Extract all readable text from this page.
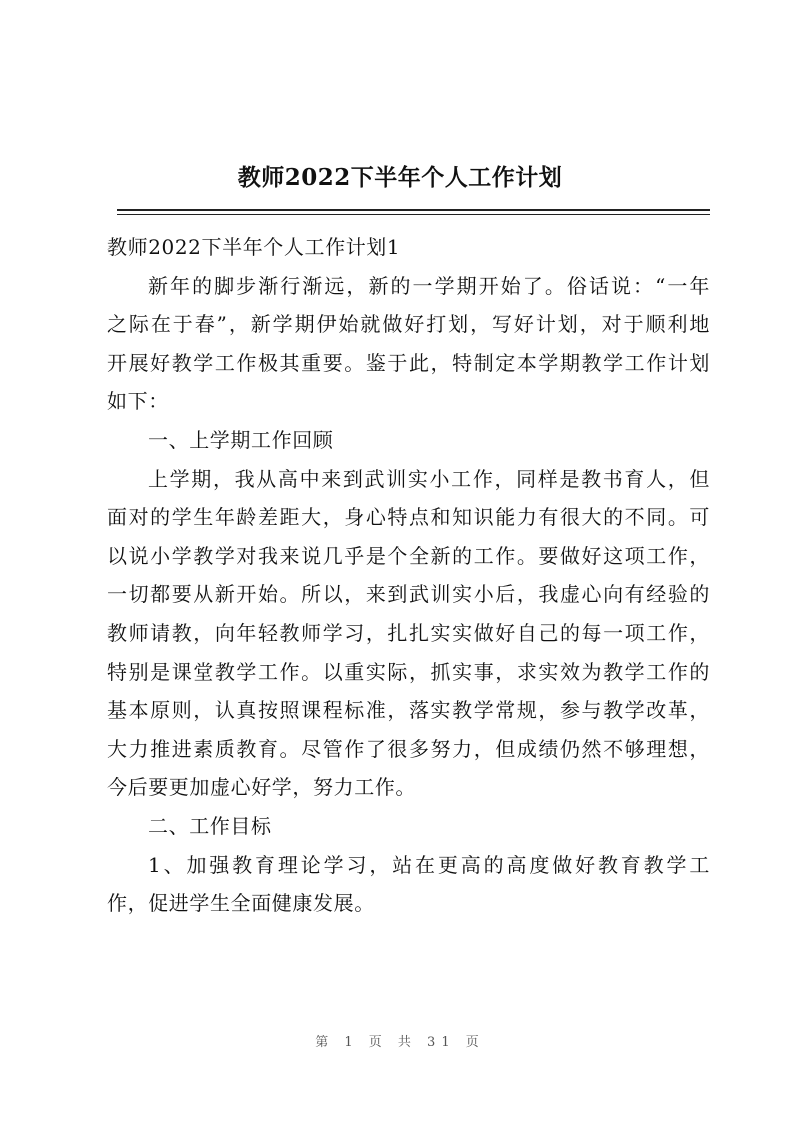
教师2022下半年个人工作计划

教师2022下半年个人工作计划1

新年的脚步渐行渐远，新的一学期开始了。俗话说：“一年

之际在于春”，新学期伊始就做好打划，写好计划，对于顺利地

开展好教学工作极其重要。鉴于此，特制定本学期教学工作计划

如下：

一、上学期工作回顾

上学期，我从高中来到武训实小工作，同样是教书育人，但

面对的学生年龄差距大，身心特点和知识能力有很大的不同。可

以说小学教学对我来说几乎是个全新的工作。要做好这项工作，

一切都要从新开始。所以，来到武训实小后，我虚心向有经验的

教师请教，向年轻教师学习，扎扎实实做好自己的每一项工作，

特别是课堂教学工作。以重实际，抓实事，求实效为教学工作的

基本原则，认真按照课程标准，落实教学常规，参与教学改革，

大力推进素质教育。尽管作了很多努力，但成绩仍然不够理想，

今后要更加虚心好学，努力工作。

二、工作目标

1、加强教育理论学习，站在更高的高度做好教育教学工

作，促进学生全面健康发展。

第 1 页 共 31 页
